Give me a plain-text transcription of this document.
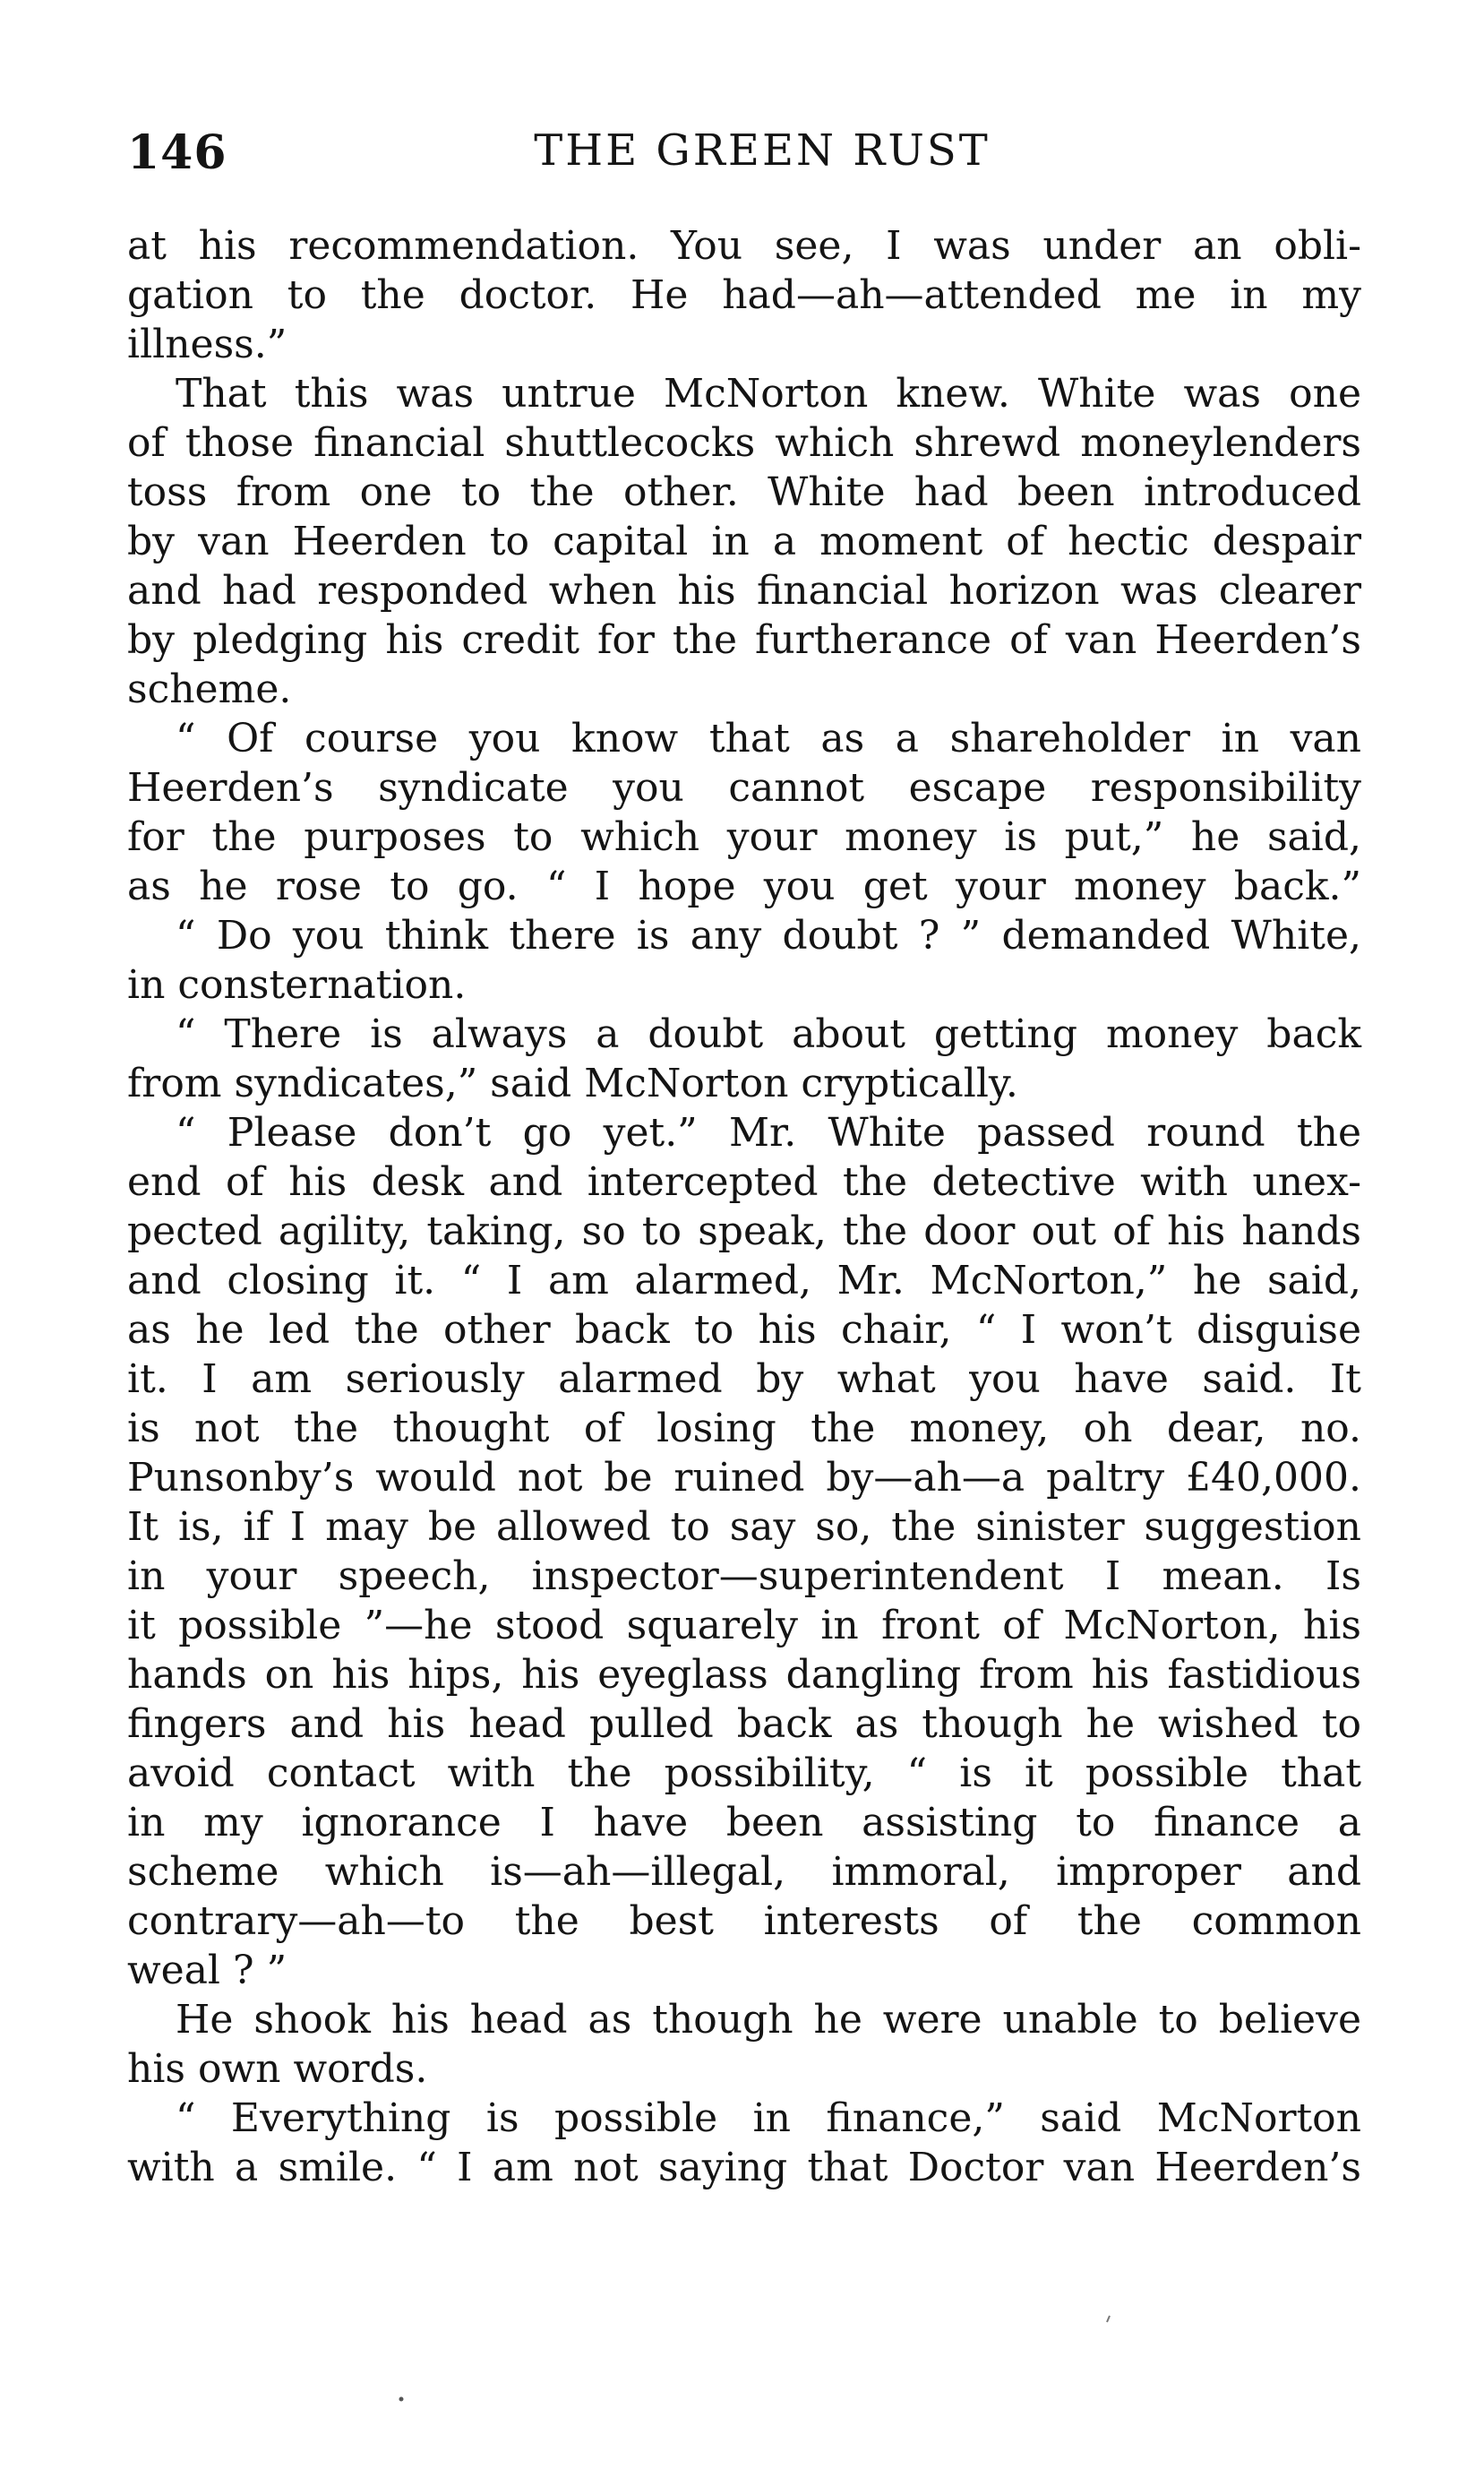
146	THE GREEN RUST
at his recommendation. You see, I was under an obli-
gation to the doctor. He had—ah—attended me in my
illness.”
That this was untrue McNorton knew. White was one
of those financial shuttlecocks which shrewd moneylenders
toss from one to the other. White had been introduced
by van Heerden to capital in a moment of hectic despair
and had responded when his financial horizon was clearer
by pledging his credit for the furtherance of van Heerden’s
scheme.
“ Of course you know that as a shareholder in van
Heerden’s syndicate you cannot escape responsibility
for the purposes to which your money is put,” he said,
as he rose to go. “ I hope you get your money back.”
“ Do you think there is any doubt ? ” demanded White,
in consternation.
“ There is always a doubt about getting money back
from syndicates,” said McNorton cryptically.
“ Please don’t go yet.” Mr. White passed round the
end of his desk and intercepted the detective with unex-
pected agility, taking, so to speak, the door out of his hands
and closing it. “ I am alarmed, Mr. McNorton,” he said,
as he led the other back to his chair, “ I won’t disguise
it. I am seriously alarmed by what you have said. It
is not the thought of losing the money, oh dear, no.
Punsonby’s would not be ruined by—ah—a paltry £40,000.
It is, if I may be allowed to say so, the sinister suggestion
in your speech, inspector—superintendent I mean. Is
it possible ”—he stood squarely in front of McNorton, his
hands on his hips, his eyeglass dangling from his fastidious
fingers and his head pulled back as though he wished to
avoid contact with the possibility, “ is it possible that
in my ignorance I have been assisting to finance a
scheme which is—ah—illegal, immoral, improper and
contrary—ah—to the best interests of the common
weal ? ”
He shook his head as though he were unable to believe
his own words.
“ Everything is possible in finance,” said McNorton
with a smile. “ I am not saying that Doctor van Heerden’s
